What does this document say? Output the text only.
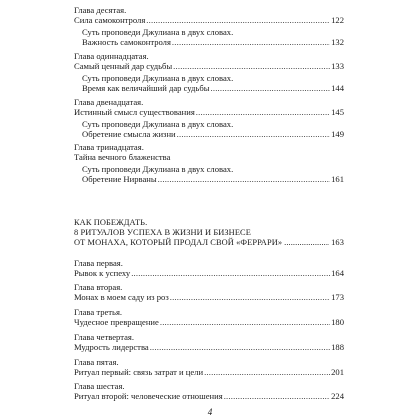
Глава десятая.
Сила самоконтроля .....	122
Суть проповеди Джулиана в двух словах.
Важность самоконтроля .....	132
Глава одиннадцатая.
Самый ценный дар судьбы .....	133
Суть проповеди Джулиана в двух словах.
Время как величайший дар судьбы .....	144
Глава двенадцатая.
Истинный смысл существования .....	145
Суть проповеди Джулиана в двух словах.
Обретение смысла жизни .....	149
Глава тринадцатая.
Тайна вечного блаженства
Суть проповеди Джулиана в двух словах.
Обретение Нирваны .....	161
КАК ПОБЕЖДАТЬ.
8 РИТУАЛОВ УСПЕХА В ЖИЗНИ И БИЗНЕСЕ
ОТ МОНАХА, КОТОРЫЙ ПРОДАЛ СВОЙ «ФЕРРАРИ» .....	163
Глава первая.
Рывок к успеху .....	164
Глава вторая.
Монах в моем саду из роз .....	173
Глава третья.
Чудесное превращение .....	180
Глава четвертая.
Мудрость лидерства .....	188
Глава пятая.
Ритуал первый: связь затрат и цели .....	201
Глава шестая.
Ритуал второй: человеческие отношения .....	224
4
